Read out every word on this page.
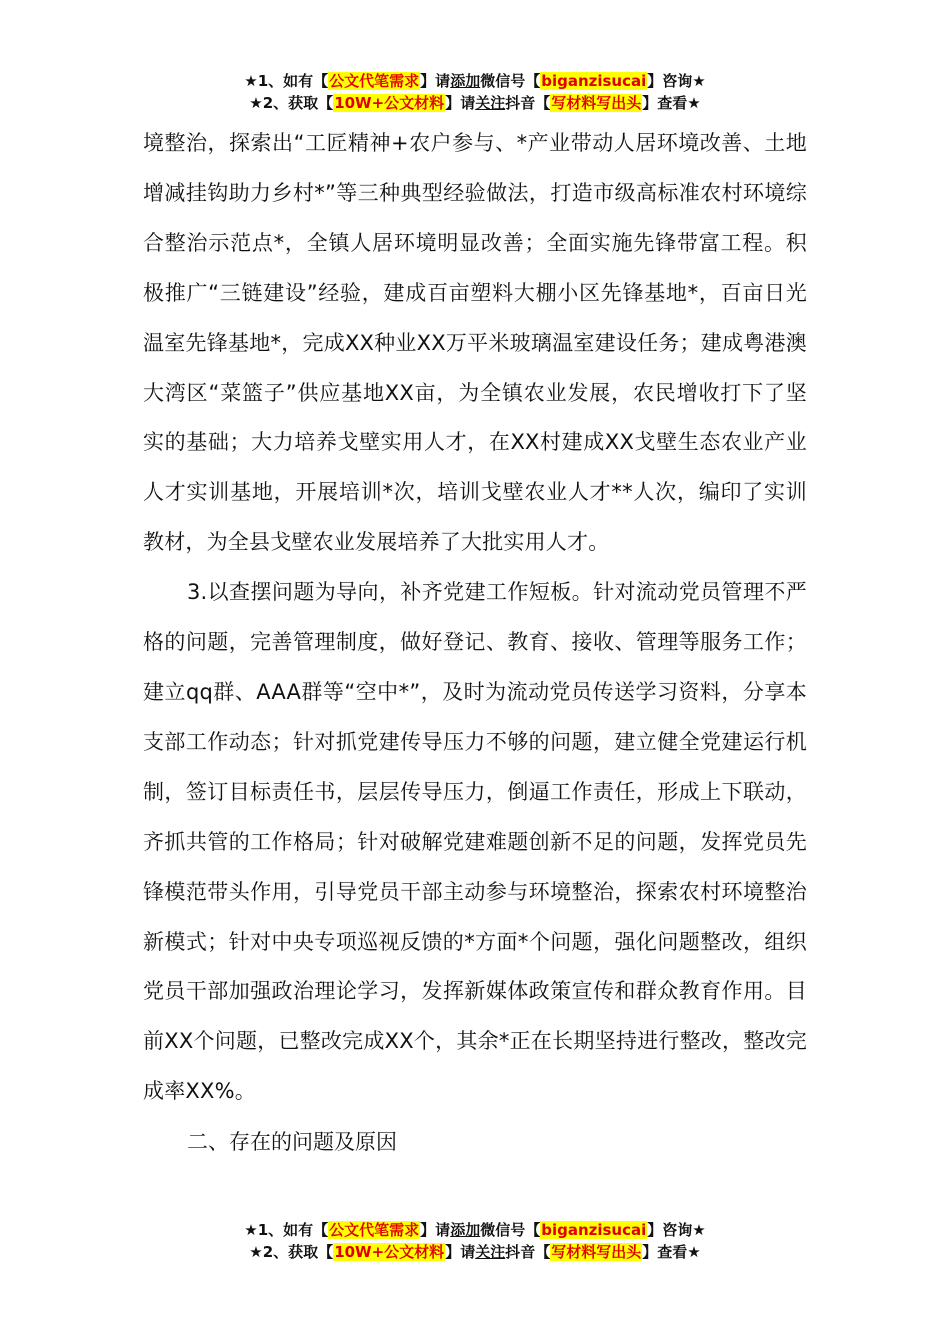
★1、如有【公文代笔需求】请添加微信号【biganzisucai】咨询★
★2、获取【10W+公文材料】请关注抖音【写材料写出头】查看★

境整治，探索出“工匠精神+农户参与、*产业带动人居环境改善、土地增减挂钩助力乡村*”等三种典型经验做法，打造市级高标准农村环境综合整治示范点*，全镇人居环境明显改善；全面实施先锋带富工程。积极推广“三链建设”经验，建成百亩塑料大棚小区先锋基地*，百亩日光温室先锋基地*，完成XX种业XX万平米玻璃温室建设任务；建成粤港澳大湾区“菜篮子”供应基地XX亩，为全镇农业发展，农民增收打下了坚实的基础；大力培养戈壁实用人才，在XX村建成XX戈壁生态农业产业人才实训基地，开展培训*次，培训戈壁农业人才**人次，编印了实训教材，为全县戈壁农业发展培养了大批实用人才。

3.以查摆问题为导向，补齐党建工作短板。针对流动党员管理不严格的问题，完善管理制度，做好登记、教育、接收、管理等服务工作；建立qq群、AAA群等“空中*”，及时为流动党员传送学习资料，分享本支部工作动态；针对抓党建传导压力不够的问题，建立健全党建运行机制，签订目标责任书，层层传导压力，倒逼工作责任，形成上下联动，齐抓共管的工作格局；针对破解党建难题创新不足的问题，发挥党员先锋模范带头作用，引导党员干部主动参与环境整治，探索农村环境整治新模式；针对中央专项巡视反馈的*方面*个问题，强化问题整改，组织党员干部加强政治理论学习，发挥新媒体政策宣传和群众教育作用。目前XX个问题，已整改完成XX个，其余*正在长期坚持进行整改，整改完成率XX%。

二、存在的问题及原因

★1、如有【公文代笔需求】请添加微信号【biganzisucai】咨询★
★2、获取【10W+公文材料】请关注抖音【写材料写出头】查看★
